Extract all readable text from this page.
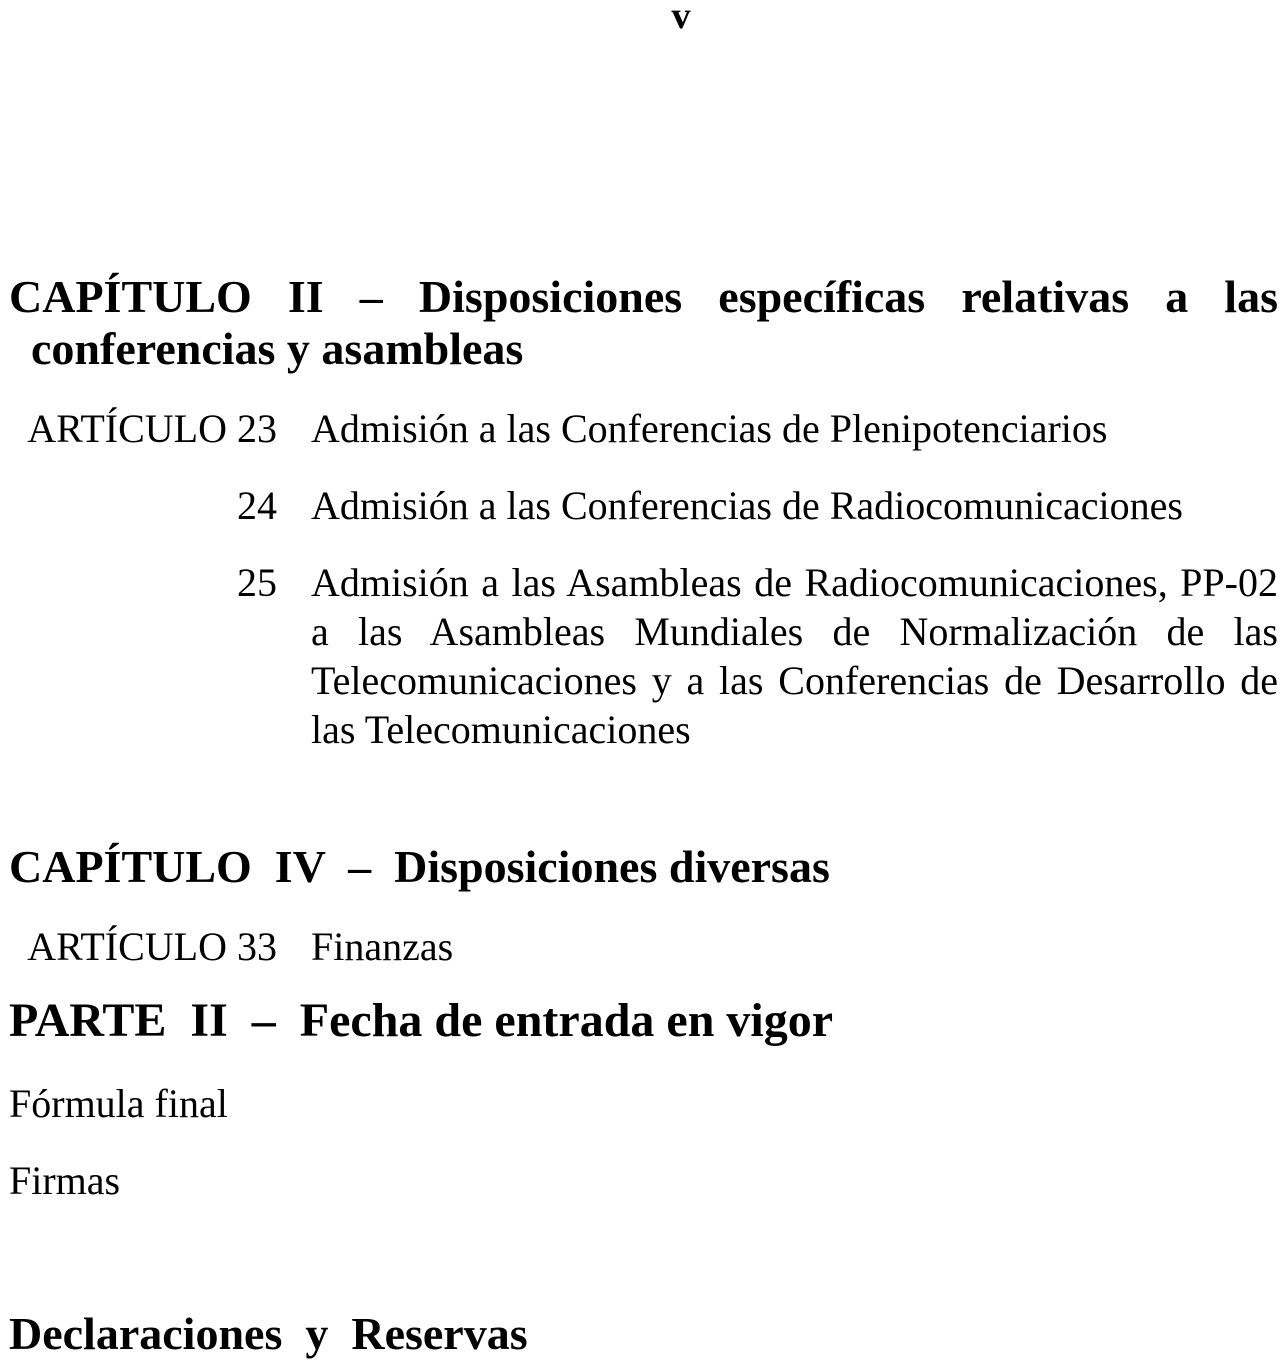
v
CAPÍTULO II – Disposiciones específicas relativas a las
conferencias y asambleas
ARTÍCULO 23 Admisión a las Conferencias de Plenipotenciarios
24 Admisión a las Conferencias de Radiocomunicaciones
25 Admisión a las Asambleas de Radiocomunicaciones, PP-02 a las Asambleas Mundiales de Normalización de las Telecomunicaciones y a las Conferencias de Desarrollo de las Telecomunicaciones
CAPÍTULO  IV  –  Disposiciones diversas
ARTÍCULO 33 Finanzas
PARTE  II  –  Fecha de entrada en vigor
Fórmula final
Firmas
Declaraciones  y  Reservas
